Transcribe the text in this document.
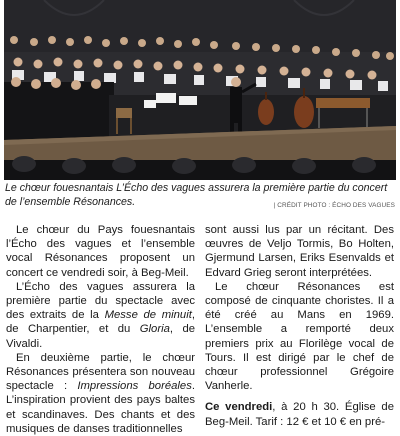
Le chœur fouesnantais L’Écho des vagues assurera la première partie du concert de l’ensemble Résonances.	| CRÉDIT PHOTO : ÉCHO DES VAGUES

Le chœur du Pays fouesnantais l’Écho des vagues et l’ensemble vocal Résonances proposent un concert ce vendredi soir, à Beg-Meil.

L’Écho des vagues assurera la première partie du spectacle avec des extraits de la Messe de minuit, de Charpentier, et du Gloria, de Vivaldi.

En deuxième partie, le chœur Résonances présentera son nouveau spectacle : Impressions boréales. L’inspiration provient des pays baltes et scandinaves. Des chants et des musiques de danses traditionnelles

sont aussi lus par un récitant. Des œuvres de Veljo Tormis, Bo Holten, Gjermund Larsen, Eriks Esenvalds et Edvard Grieg seront interprétées.

Le chœur Résonances est composé de cinquante choristes. Il a été créé au Mans en 1969. L’ensemble a remporté deux premiers prix au Florilège vocal de Tours. Il est dirigé par le chef de chœur professionnel Grégoire Vanherle.

Ce vendredi, à 20 h 30. Église de Beg-Meil. Tarif : 12 € et 10 € en pré-
